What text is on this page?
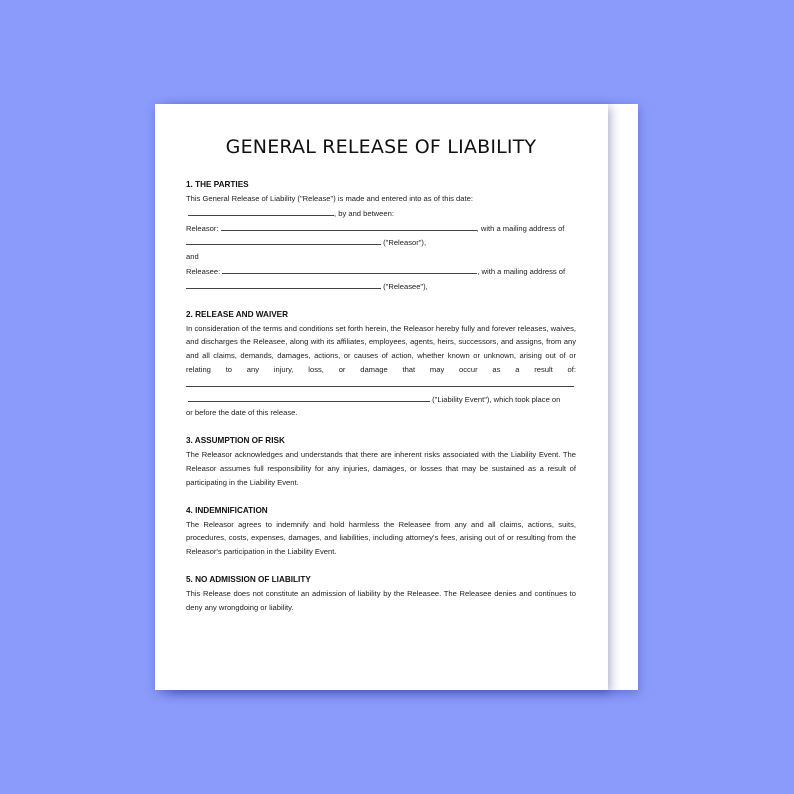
GENERAL RELEASE OF LIABILITY

1. THE PARTIES

This General Release of Liability ("Release") is made and entered into as of this date:
, by and between:
Releasor:	, with a mailing address of
("Releasor"),
and
Releasee:	, with a mailing address of
("Releasee"),

2. RELEASE AND WAIVER

In consideration of the terms and conditions set forth herein, the Releasor hereby fully and forever releases, waives, and discharges the Releasee, along with its affiliates, employees, agents, heirs, successors, and assigns, from any and all claims, demands, damages, actions, or causes of action, whether known or unknown, arising out of or relating to any injury, loss, or damage that may occur as a result of:

("Liability Event"), which took place on
or before the date of this release.

3. ASSUMPTION OF RISK

The Releasor acknowledges and understands that there are inherent risks associated with the Liability Event. The Releasor assumes full responsibility for any injuries, damages, or losses that may be sustained as a result of participating in the Liability Event.

4. INDEMNIFICATION

The Releasor agrees to indemnify and hold harmless the Releasee from any and all claims, actions, suits, procedures, costs, expenses, damages, and liabilities, including attorney's fees, arising out of or resulting from the Releasor's participation in the Liability Event.

5. NO ADMISSION OF LIABILITY

This Release does not constitute an admission of liability by the Releasee. The Releasee denies and continues to deny any wrongdoing or liability.
